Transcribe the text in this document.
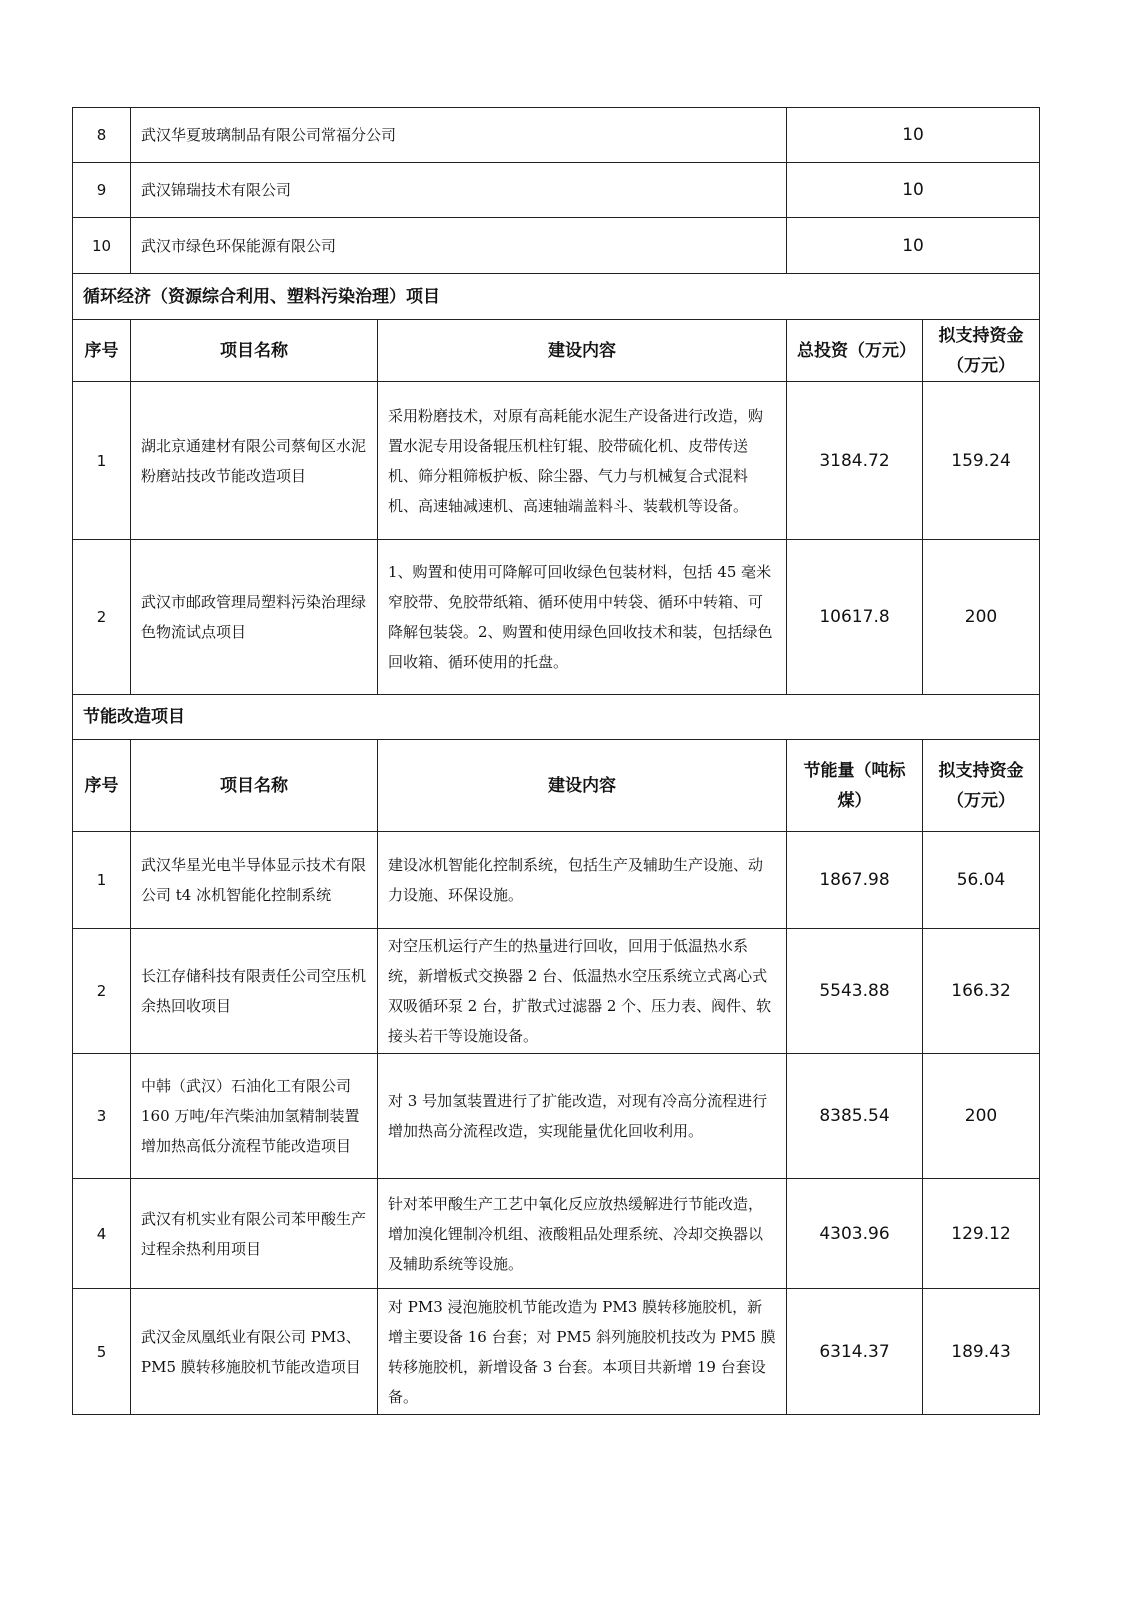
8	武汉华夏玻璃制品有限公司常福分公司		10	
9	武汉锦瑞技术有限公司		10	
10	武汉市绿色环保能源有限公司		10	
循环经济（资源综合利用、塑料污染治理）项目				
序号	项目名称	建设内容	总投资（万元）	拟支持资金（万元）
1	湖北京通建材有限公司蔡甸区水泥粉磨站技改节能改造项目	采用粉磨技术，对原有高耗能水泥生产设备进行改造，购置水泥专用设备辊压机柱钉辊、胶带硫化机、皮带传送机、筛分粗筛板护板、除尘器、气力与机械复合式混料机、高速轴减速机、高速轴端盖料斗、装载机等设备。	3184.72	159.24
2	武汉市邮政管理局塑料污染治理绿色物流试点项目	1、购置和使用可降解可回收绿色包装材料，包括 45 毫米窄胶带、免胶带纸箱、循环使用中转袋、循环中转箱、可降解包装袋。2、购置和使用绿色回收技术和装，包括绿色回收箱、循环使用的托盘。	10617.8	200
节能改造项目				
序号	项目名称	建设内容	节能量（吨标煤）	拟支持资金（万元）
1	武汉华星光电半导体显示技术有限公司 t4 冰机智能化控制系统	建设冰机智能化控制系统，包括生产及辅助生产设施、动力设施、环保设施。	1867.98	56.04
2	长江存储科技有限责任公司空压机余热回收项目	对空压机运行产生的热量进行回收，回用于低温热水系统，新增板式交换器 2 台、低温热水空压系统立式离心式双吸循环泵 2 台，扩散式过滤器 2 个、压力表、阀件、软接头若干等设施设备。	5543.88	166.32
3	中韩（武汉）石油化工有限公司 160 万吨/年汽柴油加氢精制装置增加热高低分流程节能改造项目	对 3 号加氢装置进行了扩能改造，对现有冷高分流程进行增加热高分流程改造，实现能量优化回收利用。	8385.54	200
4	武汉有机实业有限公司苯甲酸生产过程余热利用项目	针对苯甲酸生产工艺中氧化反应放热缓解进行节能改造，增加溴化锂制冷机组、液酸粗品处理系统、冷却交换器以及辅助系统等设施。	4303.96	129.12
5	武汉金凤凰纸业有限公司 PM3、PM5 膜转移施胶机节能改造项目	对 PM3 浸泡施胶机节能改造为 PM3 膜转移施胶机，新增主要设备 16 台套；对 PM5 斜列施胶机技改为 PM5 膜转移施胶机，新增设备 3 台套。本项目共新增 19 台套设备。	6314.37	189.43
